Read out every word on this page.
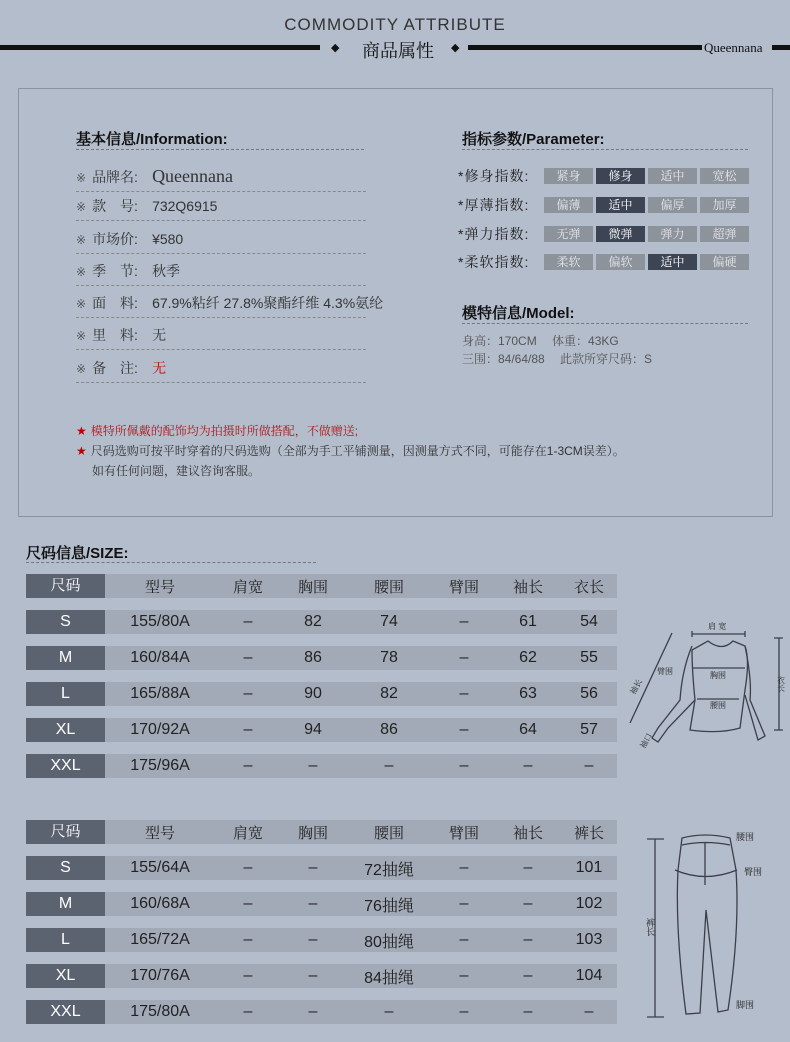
COMMODITY ATTRIBUTE
◆	商品属性	◆	Queennana
基本信息/Information:
※ 品牌名: Queennana
※ 款　号: 732Q6915
※ 市场价: ¥580
※ 季　节: 秋季
※ 面　料: 67.9%粘纤 27.8%聚酯纤维 4.3%氨纶
※ 里　料: 无
※ 备　注: 无
指标参数/Parameter:
*修身指数:	紧身	修身	适中	宽松
*厚薄指数:	偏薄	适中	偏厚	加厚
*弹力指数:	无弹	微弹	弹力	超弹
*柔软指数:	柔软	偏软	适中	偏硬
模特信息/Model:
身高：170CM　 体重：43KG
三围：84/64/88　 此款所穿尺码：S
★ 模特所佩戴的配饰均为拍摄时所做搭配，不做赠送;
★ 尺码选购可按平时穿着的尺码选购（全部为手工平铺测量，因测量方式不同，可能存在1-3CM误差）。
如有任何问题，建议咨询客服。
尺码信息/SIZE:
尺码	型号	肩宽	胸围	腰围	臂围	袖长	衣长
S	155/80A	–	82	74	–	61	54
M	160/84A	–	86	78	–	62	55
L	165/88A	–	90	82	–	63	56
XL	170/92A	–	94	86	–	64	57
XXL	175/96A	–	–	–	–	–	–
尺码	型号	肩宽	胸围	腰围	臂围	袖长	裤长
S	155/64A	–	–	72抽绳	–	–	101
M	160/68A	–	–	76抽绳	–	–	102
L	165/72A	–	–	80抽绳	–	–	103
XL	170/76A	–	–	84抽绳	–	–	104
XXL	175/80A	–	–	–	–	–	–
肩 宽
臂围	胸围
腰围
袖长
袖口
衣长
腰围
臀围
裤长
脚围
